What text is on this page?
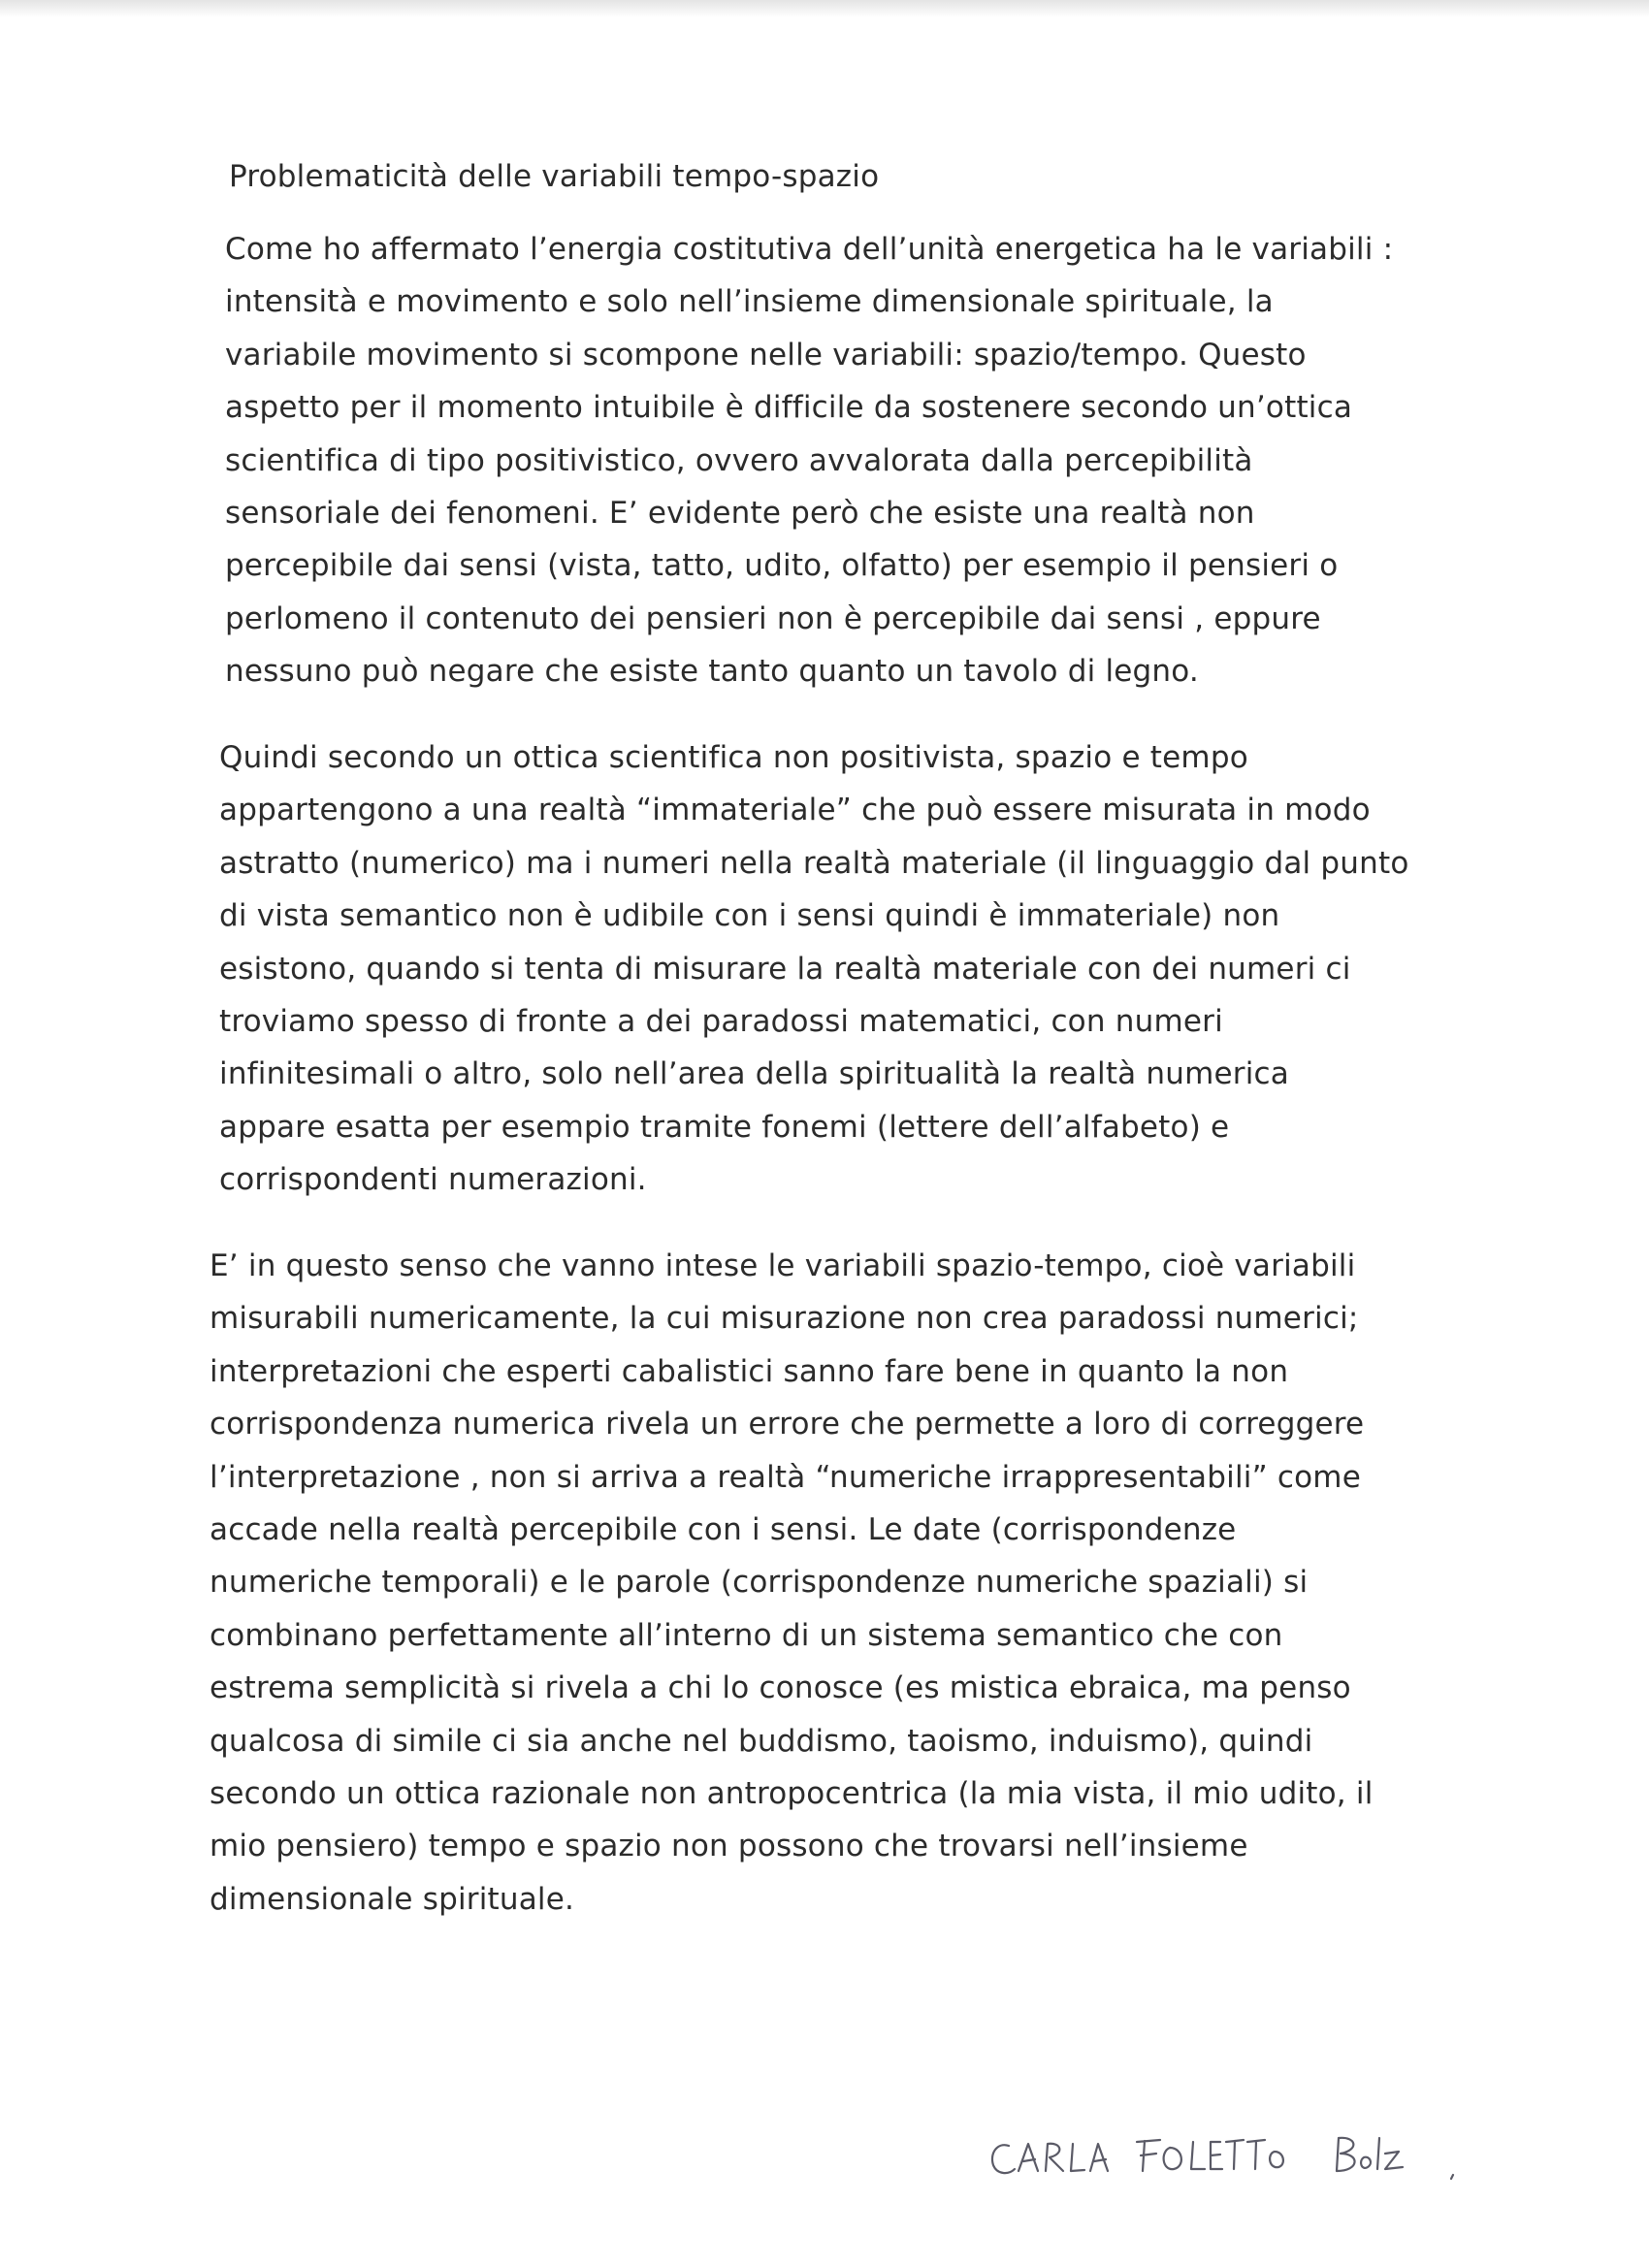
Problematicità delle variabili tempo-spazio
Come ho affermato l’energia costitutiva dell’unità energetica ha le variabili :
intensità e movimento e solo nell’insieme dimensionale spirituale, la
variabile movimento si scompone nelle variabili: spazio/tempo. Questo
aspetto per il momento intuibile è difficile da sostenere secondo un’ottica
scientifica di tipo positivistico, ovvero avvalorata dalla percepibilità
sensoriale dei fenomeni. E’ evidente però che esiste una realtà non
percepibile dai sensi (vista, tatto, udito, olfatto) per esempio il pensieri o
perlomeno il contenuto dei pensieri non è percepibile dai sensi , eppure
nessuno può negare che esiste tanto quanto un tavolo di legno.
Quindi secondo un ottica scientifica non positivista, spazio e tempo
appartengono a una realtà “immateriale” che può essere misurata in modo
astratto (numerico) ma i numeri nella realtà materiale (il linguaggio dal punto
di vista semantico non è udibile con i sensi quindi è immateriale) non
esistono, quando si tenta di misurare la realtà materiale con dei numeri ci
troviamo spesso di fronte a dei paradossi matematici, con numeri
infinitesimali o altro, solo nell’area della spiritualità la realtà numerica
appare esatta per esempio tramite fonemi (lettere dell’alfabeto) e
corrispondenti numerazioni.
E’ in questo senso che vanno intese le variabili spazio-tempo, cioè variabili
misurabili numericamente, la cui misurazione non crea paradossi numerici;
interpretazioni che esperti cabalistici sanno fare bene in quanto la non
corrispondenza numerica rivela un errore che permette a loro di correggere
l’interpretazione , non si arriva a realtà “numeriche irrappresentabili” come
accade nella realtà percepibile con i sensi. Le date (corrispondenze
numeriche temporali) e le parole (corrispondenze numeriche spaziali) si
combinano perfettamente all’interno di un sistema semantico che con
estrema semplicità si rivela a chi lo conosce (es mistica ebraica, ma penso
qualcosa di simile ci sia anche nel buddismo, taoismo, induismo), quindi
secondo un ottica razionale non antropocentrica (la mia vista, il mio udito, il
mio pensiero) tempo e spazio non possono che trovarsi nell’insieme
dimensionale spirituale.
